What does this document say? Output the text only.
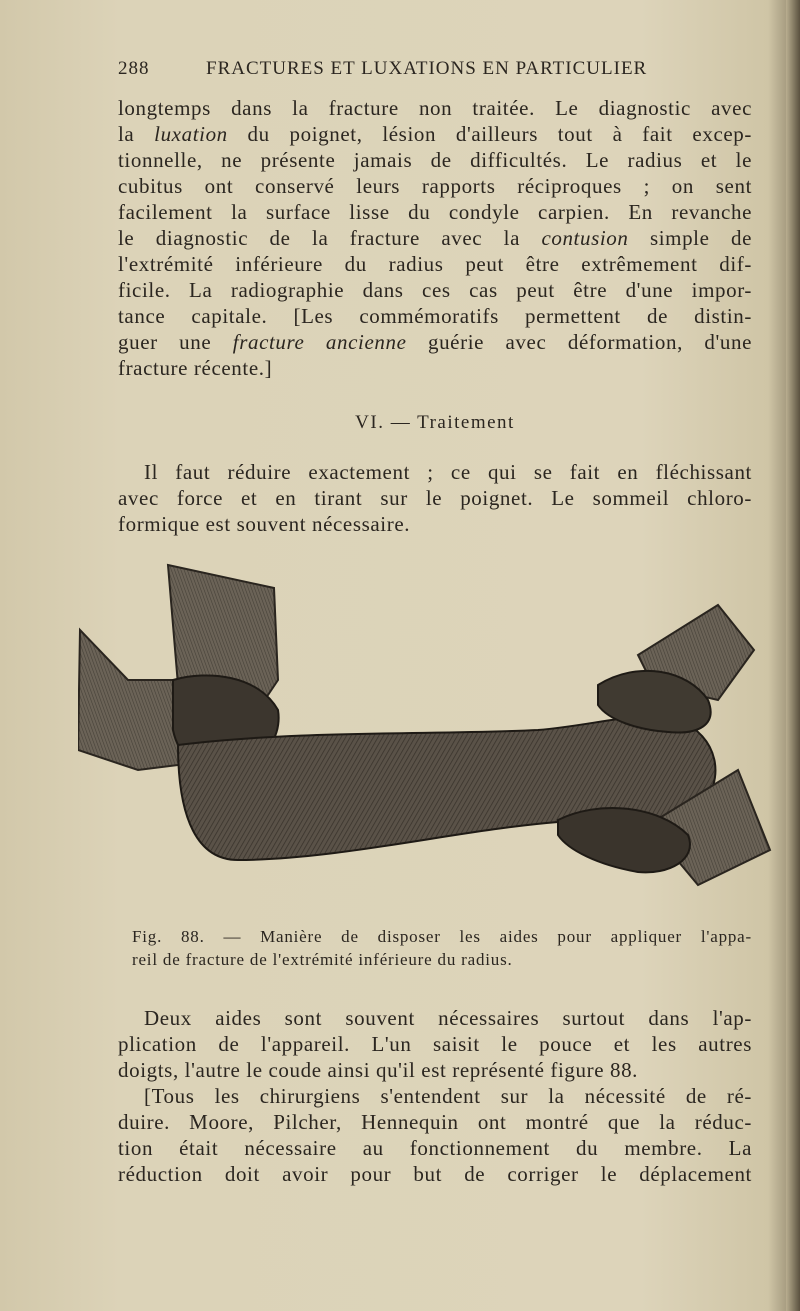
288	FRACTURES ET LUXATIONS EN PARTICULIER
longtemps dans la fracture non traitée. Le diagnostic avec
la luxation du poignet, lésion d'ailleurs tout à fait excep-
tionnelle, ne présente jamais de difficultés. Le radius et le
cubitus ont conservé leurs rapports réciproques ; on sent
facilement la surface lisse du condyle carpien. En revanche
le diagnostic de la fracture avec la contusion simple de
l'extrémité inférieure du radius peut être extrêmement dif-
ficile. La radiographie dans ces cas peut être d'une impor-
tance capitale. [Les commémoratifs permettent de distin-
guer une fracture ancienne guérie avec déformation, d'une
fracture récente.]
VI. — Traitement
Il faut réduire exactement ; ce qui se fait en fléchissant
avec force et en tirant sur le poignet. Le sommeil chloro-
formique est souvent nécessaire.
Fig. 88. — Manière de disposer les aides pour appliquer l'appa-
reil de fracture de l'extrémité inférieure du radius.
Deux aides sont souvent nécessaires surtout dans l'ap-
plication de l'appareil. L'un saisit le pouce et les autres
doigts, l'autre le coude ainsi qu'il est représenté figure 88.
[Tous les chirurgiens s'entendent sur la nécessité de ré-
duire. Moore, Pilcher, Hennequin ont montré que la réduc-
tion était nécessaire au fonctionnement du membre. La
réduction doit avoir pour but de corriger le déplacement
